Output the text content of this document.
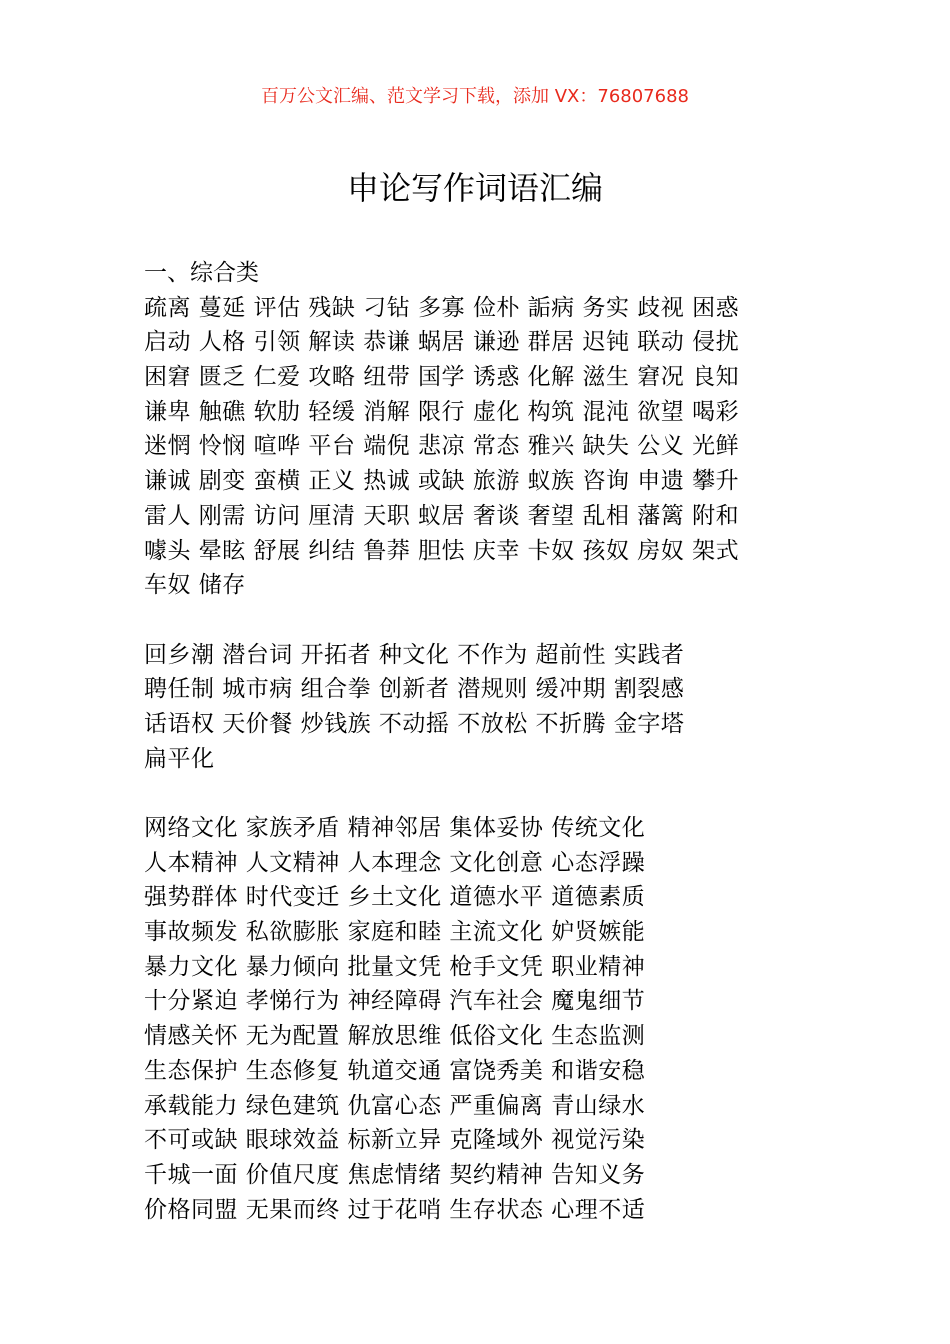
百万公文汇编、范文学习下载，添加 VX：76807688
申论写作词语汇编
一、综合类
疏离 蔓延 评估 残缺 刁钻 多寡 俭朴 詬病 务实 歧视 困惑
启动 人格 引领 解读 恭谦 蜗居 谦逊 群居 迟钝 联动 侵扰
困窘 匮乏 仁爱 攻略 纽带 国学 诱惑 化解 滋生 窘况 良知
谦卑 触礁 软肋 轻缓 消解 限行 虚化 构筑 混沌 欲望 喝彩
迷惘 怜悯 喧哗 平台 端倪 悲凉 常态 雅兴 缺失 公义 光鲜
谦诚 剧变 蛮横 正义 热诚 或缺 旅游 蚁族 咨询 申遗 攀升
雷人 刚需 访问 厘清 天职 蚁居 奢谈 奢望 乱相 藩篱 附和
噱头 晕眩 舒展 纠结 鲁莽 胆怯 庆幸 卡奴 孩奴 房奴 架式
车奴 储存
回乡潮 潜台词 开拓者 种文化 不作为 超前性 实践者
聘任制 城市病 组合拳 创新者 潜规则 缓冲期 割裂感
话语权 天价餐 炒钱族 不动摇 不放松 不折腾 金字塔
扁平化
网络文化 家族矛盾 精神邻居 集体妥协 传统文化
人本精神 人文精神 人本理念 文化创意 心态浮躁
强势群体 时代变迁 乡土文化 道德水平 道德素质
事故频发 私欲膨胀 家庭和睦 主流文化 妒贤嫉能
暴力文化 暴力倾向 批量文凭 枪手文凭 职业精神
十分紧迫 孝悌行为 神经障碍 汽车社会 魔鬼细节
情感关怀 无为配置 解放思维 低俗文化 生态监测
生态保护 生态修复 轨道交通 富饶秀美 和谐安稳
承载能力 绿色建筑 仇富心态 严重偏离 青山绿水
不可或缺 眼球效益 标新立异 克隆域外 视觉污染
千城一面 价值尺度 焦虑情绪 契约精神 告知义务
价格同盟 无果而终 过于花哨 生存状态 心理不适
